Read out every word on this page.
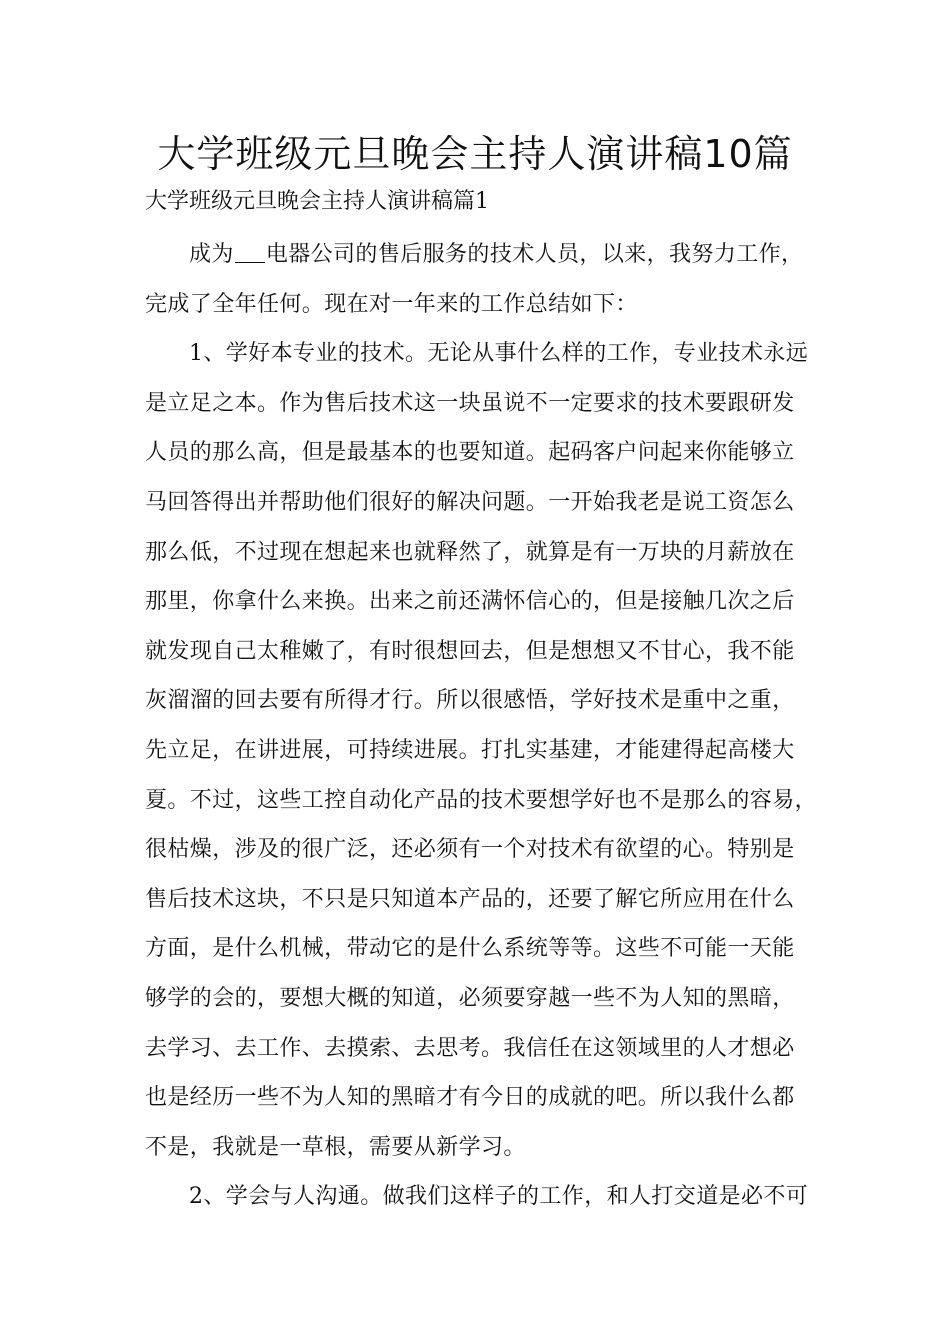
大学班级元旦晚会主持人演讲稿10篇
大学班级元旦晚会主持人演讲稿篇1
成为 电器公司的售后服务的技术人员，以来，我努力工作，
完成了全年任何。现在对一年来的工作总结如下：
1、学好本专业的技术。无论从事什么样的工作，专业技术永远
是立足之本。作为售后技术这一块虽说不一定要求的技术要跟研发
人员的那么高，但是最基本的也要知道。起码客户问起来你能够立
马回答得出并帮助他们很好的解决问题。一开始我老是说工资怎么
那么低，不过现在想起来也就释然了，就算是有一万块的月薪放在
那里，你拿什么来换。出来之前还满怀信心的，但是接触几次之后
就发现自己太稚嫩了，有时很想回去，但是想想又不甘心，我不能
灰溜溜的回去要有所得才行。所以很感悟，学好技术是重中之重，
先立足，在讲进展，可持续进展。打扎实基建，才能建得起高楼大
夏。不过，这些工控自动化产品的技术要想学好也不是那么的容易，
很枯燥，涉及的很广泛，还必须有一个对技术有欲望的心。特别是
售后技术这块，不只是只知道本产品的，还要了解它所应用在什么
方面，是什么机械，带动它的是什么系统等等。这些不可能一天能
够学的会的，要想大概的知道，必须要穿越一些不为人知的黑暗，
去学习、去工作、去摸索、去思考。我信任在这领域里的人才想必
也是经历一些不为人知的黑暗才有今日的成就的吧。所以我什么都
不是，我就是一草根，需要从新学习。
2、学会与人沟通。做我们这样子的工作，和人打交道是必不可
